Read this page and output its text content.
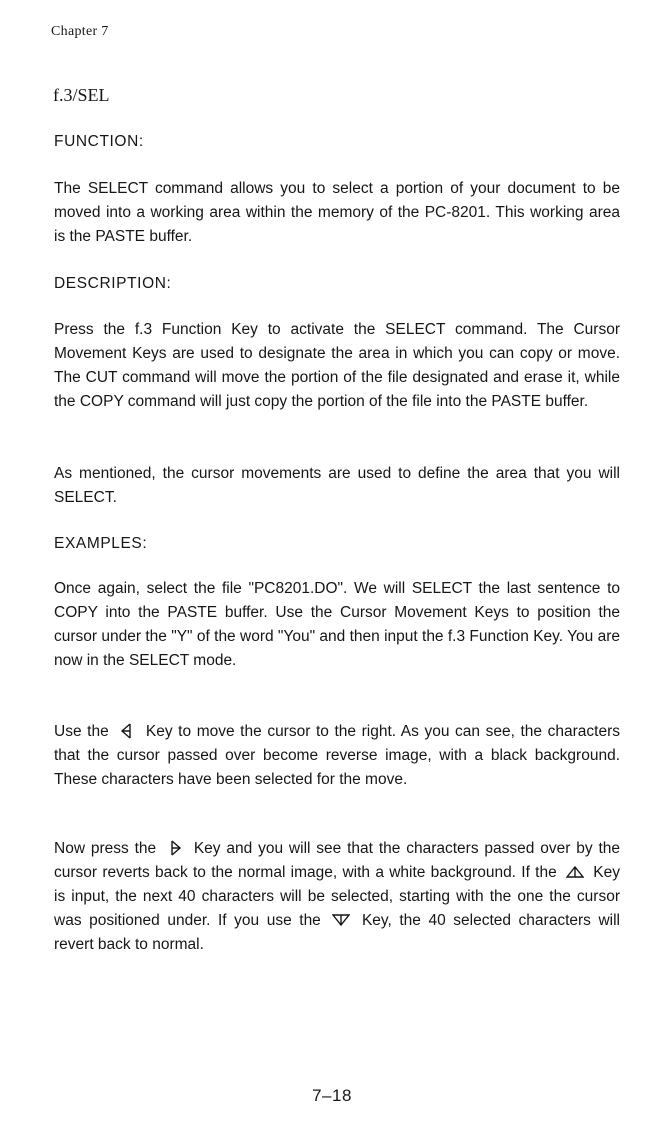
Chapter 7
f.3/SEL
FUNCTION:
The SELECT command allows you to select a portion of your document to be moved into a working area within the memory of the PC-8201. This working area is the PASTE buffer.
DESCRIPTION:
Press the f.3 Function Key to activate the SELECT command. The Cursor Movement Keys are used to designate the area in which you can copy or move. The CUT command will move the portion of the file designated and erase it, while the COPY command will just copy the portion of the file into the PASTE buffer.
As mentioned, the cursor movements are used to define the area that you will SELECT.
EXAMPLES:
Once again, select the file "PC8201.DO". We will SELECT the last sentence to COPY into the PASTE buffer. Use the Cursor Movement Keys to position the cursor under the "Y" of the word "You" and then input the f.3 Function Key. You are now in the SELECT mode.
Use the Key to move the cursor to the right. As you can see, the characters that the cursor passed over become reverse image, with a black background. These characters have been selected for the move.
Now press the Key and you will see that the characters passed over by the cursor reverts back to the normal image, with a white background. If the Key is input, the next 40 characters will be selected, starting with the one the cursor was positioned under. If you use the	Key, the 40 selected characters will revert back to normal.
7–18
